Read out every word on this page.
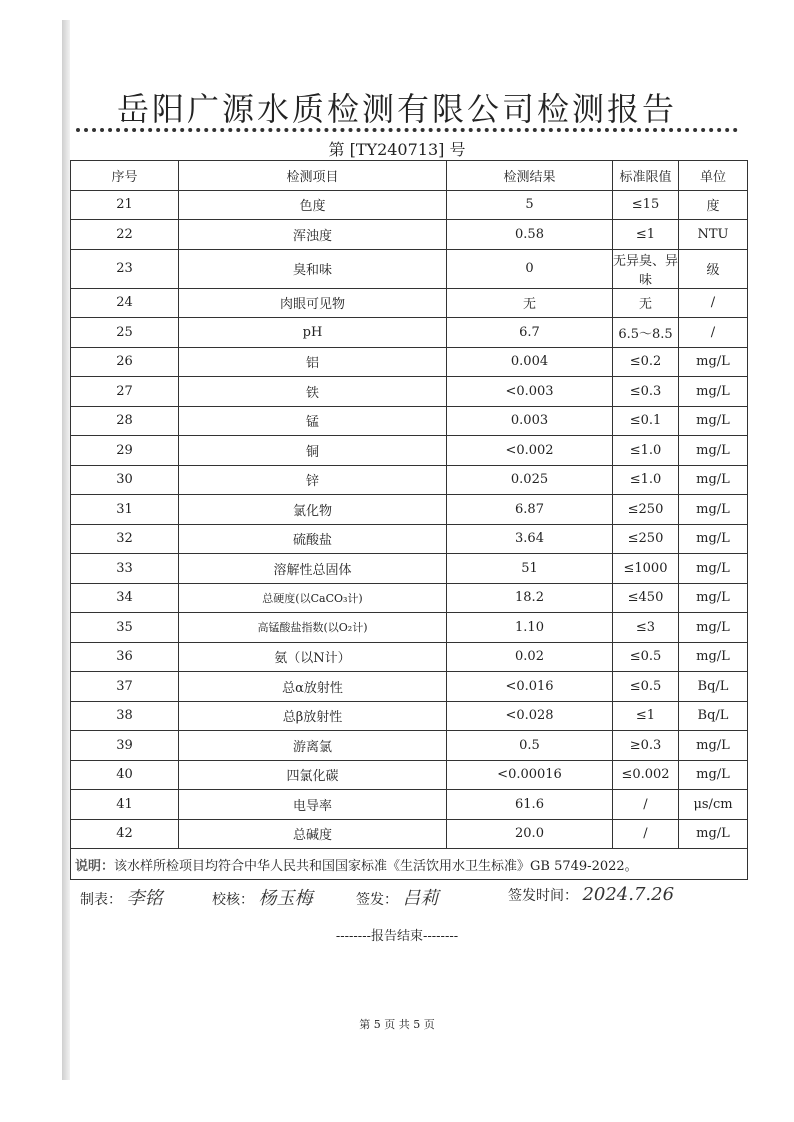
岳阳广源水质检测有限公司检测报告
第 [TY240713] 号
序号	检测项目	检测结果	标准限值	单位
21	色度	5	≤15	度
22	浑浊度	0.58	≤1	NTU
23	臭和味	0	无异臭、异味	级
24	肉眼可见物	无	无	/
25	pH	6.7	6.5～8.5	/
26	铝	0.004	≤0.2	mg/L
27	铁	<0.003	≤0.3	mg/L
28	锰	0.003	≤0.1	mg/L
29	铜	<0.002	≤1.0	mg/L
30	锌	0.025	≤1.0	mg/L
31	氯化物	6.87	≤250	mg/L
32	硫酸盐	3.64	≤250	mg/L
33	溶解性总固体	51	≤1000	mg/L
34	总硬度(以CaCO₃计)	18.2	≤450	mg/L
35	高锰酸盐指数(以O₂计)	1.10	≤3	mg/L
36	氨（以N计）	0.02	≤0.5	mg/L
37	总α放射性	<0.016	≤0.5	Bq/L
38	总β放射性	<0.028	≤1	Bq/L
39	游离氯	0.5	≥0.3	mg/L
40	四氯化碳	<0.00016	≤0.002	mg/L
41	电导率	61.6	/	μs/cm
42	总碱度	20.0	/	mg/L
说明：该水样所检项目均符合中华人民共和国国家标准《生活饮用水卫生标准》GB 5749-2022。				
制表： 李铭	校核： 杨玉梅	签发： 吕莉	签发时间： 2024.7.26
--------报告结束--------
第 5 页 共 5 页
